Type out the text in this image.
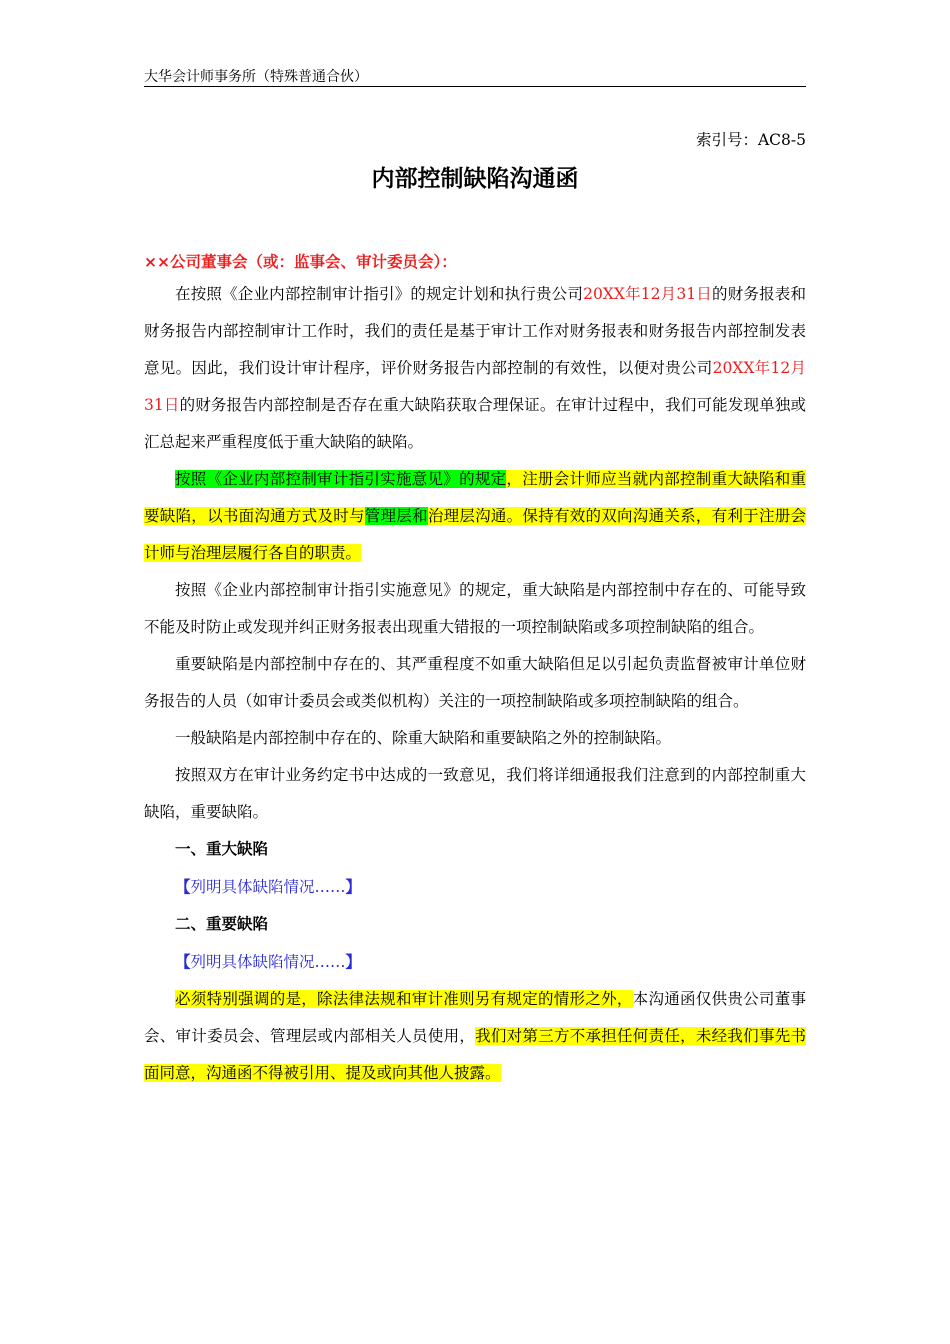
大华会计师事务所（特殊普通合伙）
索引号：AC8-5
内部控制缺陷沟通函
××公司董事会（或：监事会、审计委员会）：

在按照《企业内部控制审计指引》的规定计划和执行贵公司20XX年12月31日的财务报表和财务报告内部控制审计工作时，我们的责任是基于审计工作对财务报表和财务报告内部控制发表意见。因此，我们设计审计程序，评价财务报告内部控制的有效性，以便对贵公司20XX年12月31日的财务报告内部控制是否存在重大缺陷获取合理保证。在审计过程中，我们可能发现单独或汇总起来严重程度低于重大缺陷的缺陷。

按照《企业内部控制审计指引实施意见》的规定，注册会计师应当就内部控制重大缺陷和重要缺陷，以书面沟通方式及时与管理层和治理层沟通。保持有效的双向沟通关系，有利于注册会计师与治理层履行各自的职责。

按照《企业内部控制审计指引实施意见》的规定，重大缺陷是内部控制中存在的、可能导致不能及时防止或发现并纠正财务报表出现重大错报的一项控制缺陷或多项控制缺陷的组合。

重要缺陷是内部控制中存在的、其严重程度不如重大缺陷但足以引起负责监督被审计单位财务报告的人员（如审计委员会或类似机构）关注的一项控制缺陷或多项控制缺陷的组合。

一般缺陷是内部控制中存在的、除重大缺陷和重要缺陷之外的控制缺陷。

按照双方在审计业务约定书中达成的一致意见，我们将详细通报我们注意到的内部控制重大缺陷，重要缺陷。

一、重大缺陷

【列明具体缺陷情况……】

二、重要缺陷

【列明具体缺陷情况……】

必须特别强调的是，除法律法规和审计准则另有规定的情形之外，本沟通函仅供贵公司董事会、审计委员会、管理层或内部相关人员使用，我们对第三方不承担任何责任，未经我们事先书面同意，沟通函不得被引用、提及或向其他人披露。
